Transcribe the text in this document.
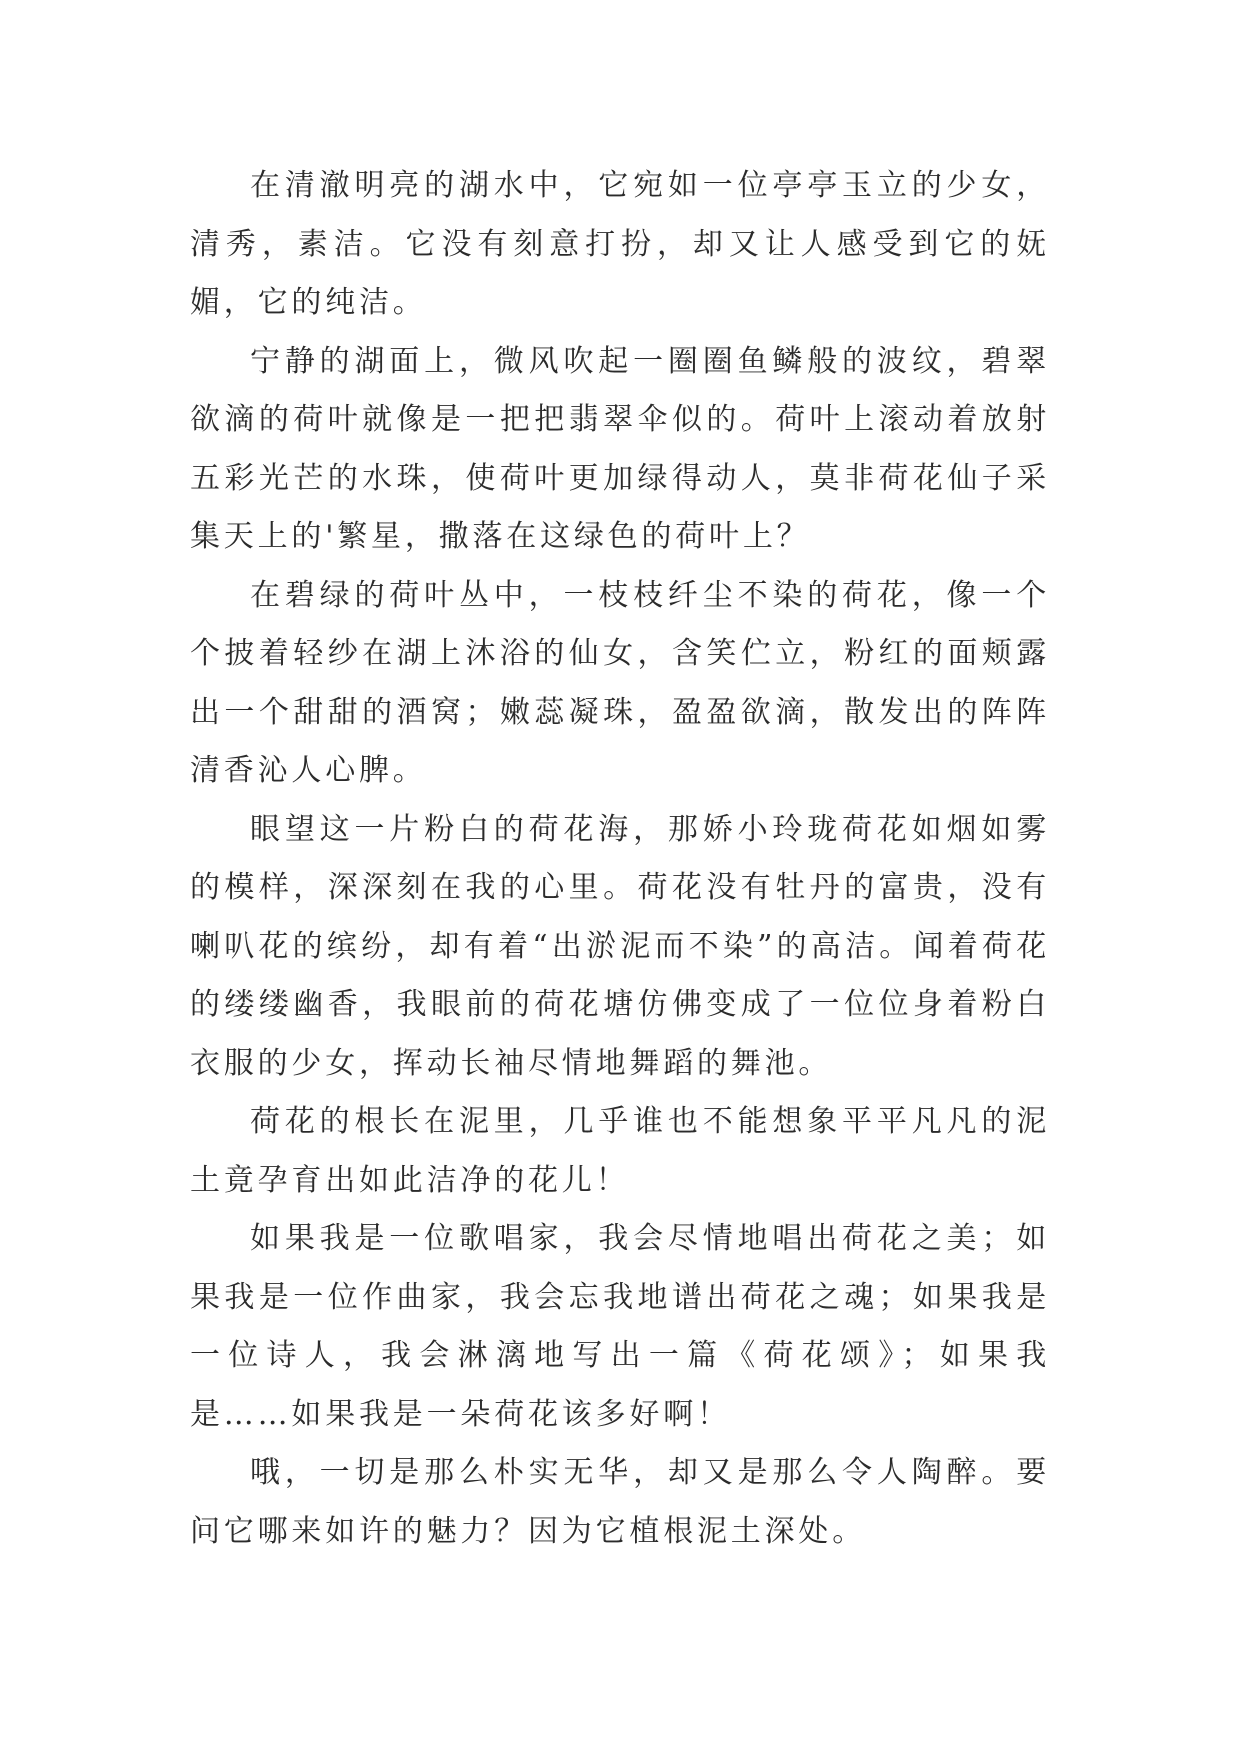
在清澈明亮的湖水中，它宛如一位亭亭玉立的少女，清秀，素洁。它没有刻意打扮，却又让人感受到它的妩媚，它的纯洁。

宁静的湖面上，微风吹起一圈圈鱼鳞般的波纹，碧翠欲滴的荷叶就像是一把把翡翠伞似的。荷叶上滚动着放射五彩光芒的水珠，使荷叶更加绿得动人，莫非荷花仙子采集天上的'繁星，撒落在这绿色的荷叶上？

在碧绿的荷叶丛中，一枝枝纤尘不染的荷花，像一个个披着轻纱在湖上沐浴的仙女，含笑伫立，粉红的面颊露出一个甜甜的酒窝；嫩蕊凝珠，盈盈欲滴，散发出的阵阵清香沁人心脾。

眼望这一片粉白的荷花海，那娇小玲珑荷花如烟如雾的模样，深深刻在我的心里。荷花没有牡丹的富贵，没有喇叭花的缤纷，却有着“出淤泥而不染”的高洁。闻着荷花的缕缕幽香，我眼前的荷花塘仿佛变成了一位位身着粉白衣服的少女，挥动长袖尽情地舞蹈的舞池。

荷花的根长在泥里，几乎谁也不能想象平平凡凡的泥土竟孕育出如此洁净的花儿！

如果我是一位歌唱家，我会尽情地唱出荷花之美；如果我是一位作曲家，我会忘我地谱出荷花之魂；如果我是一位诗人，我会淋漓地写出一篇《荷花颂》；如果我是……如果我是一朵荷花该多好啊！

哦，一切是那么朴实无华，却又是那么令人陶醉。要问它哪来如许的魅力？因为它植根泥土深处。
